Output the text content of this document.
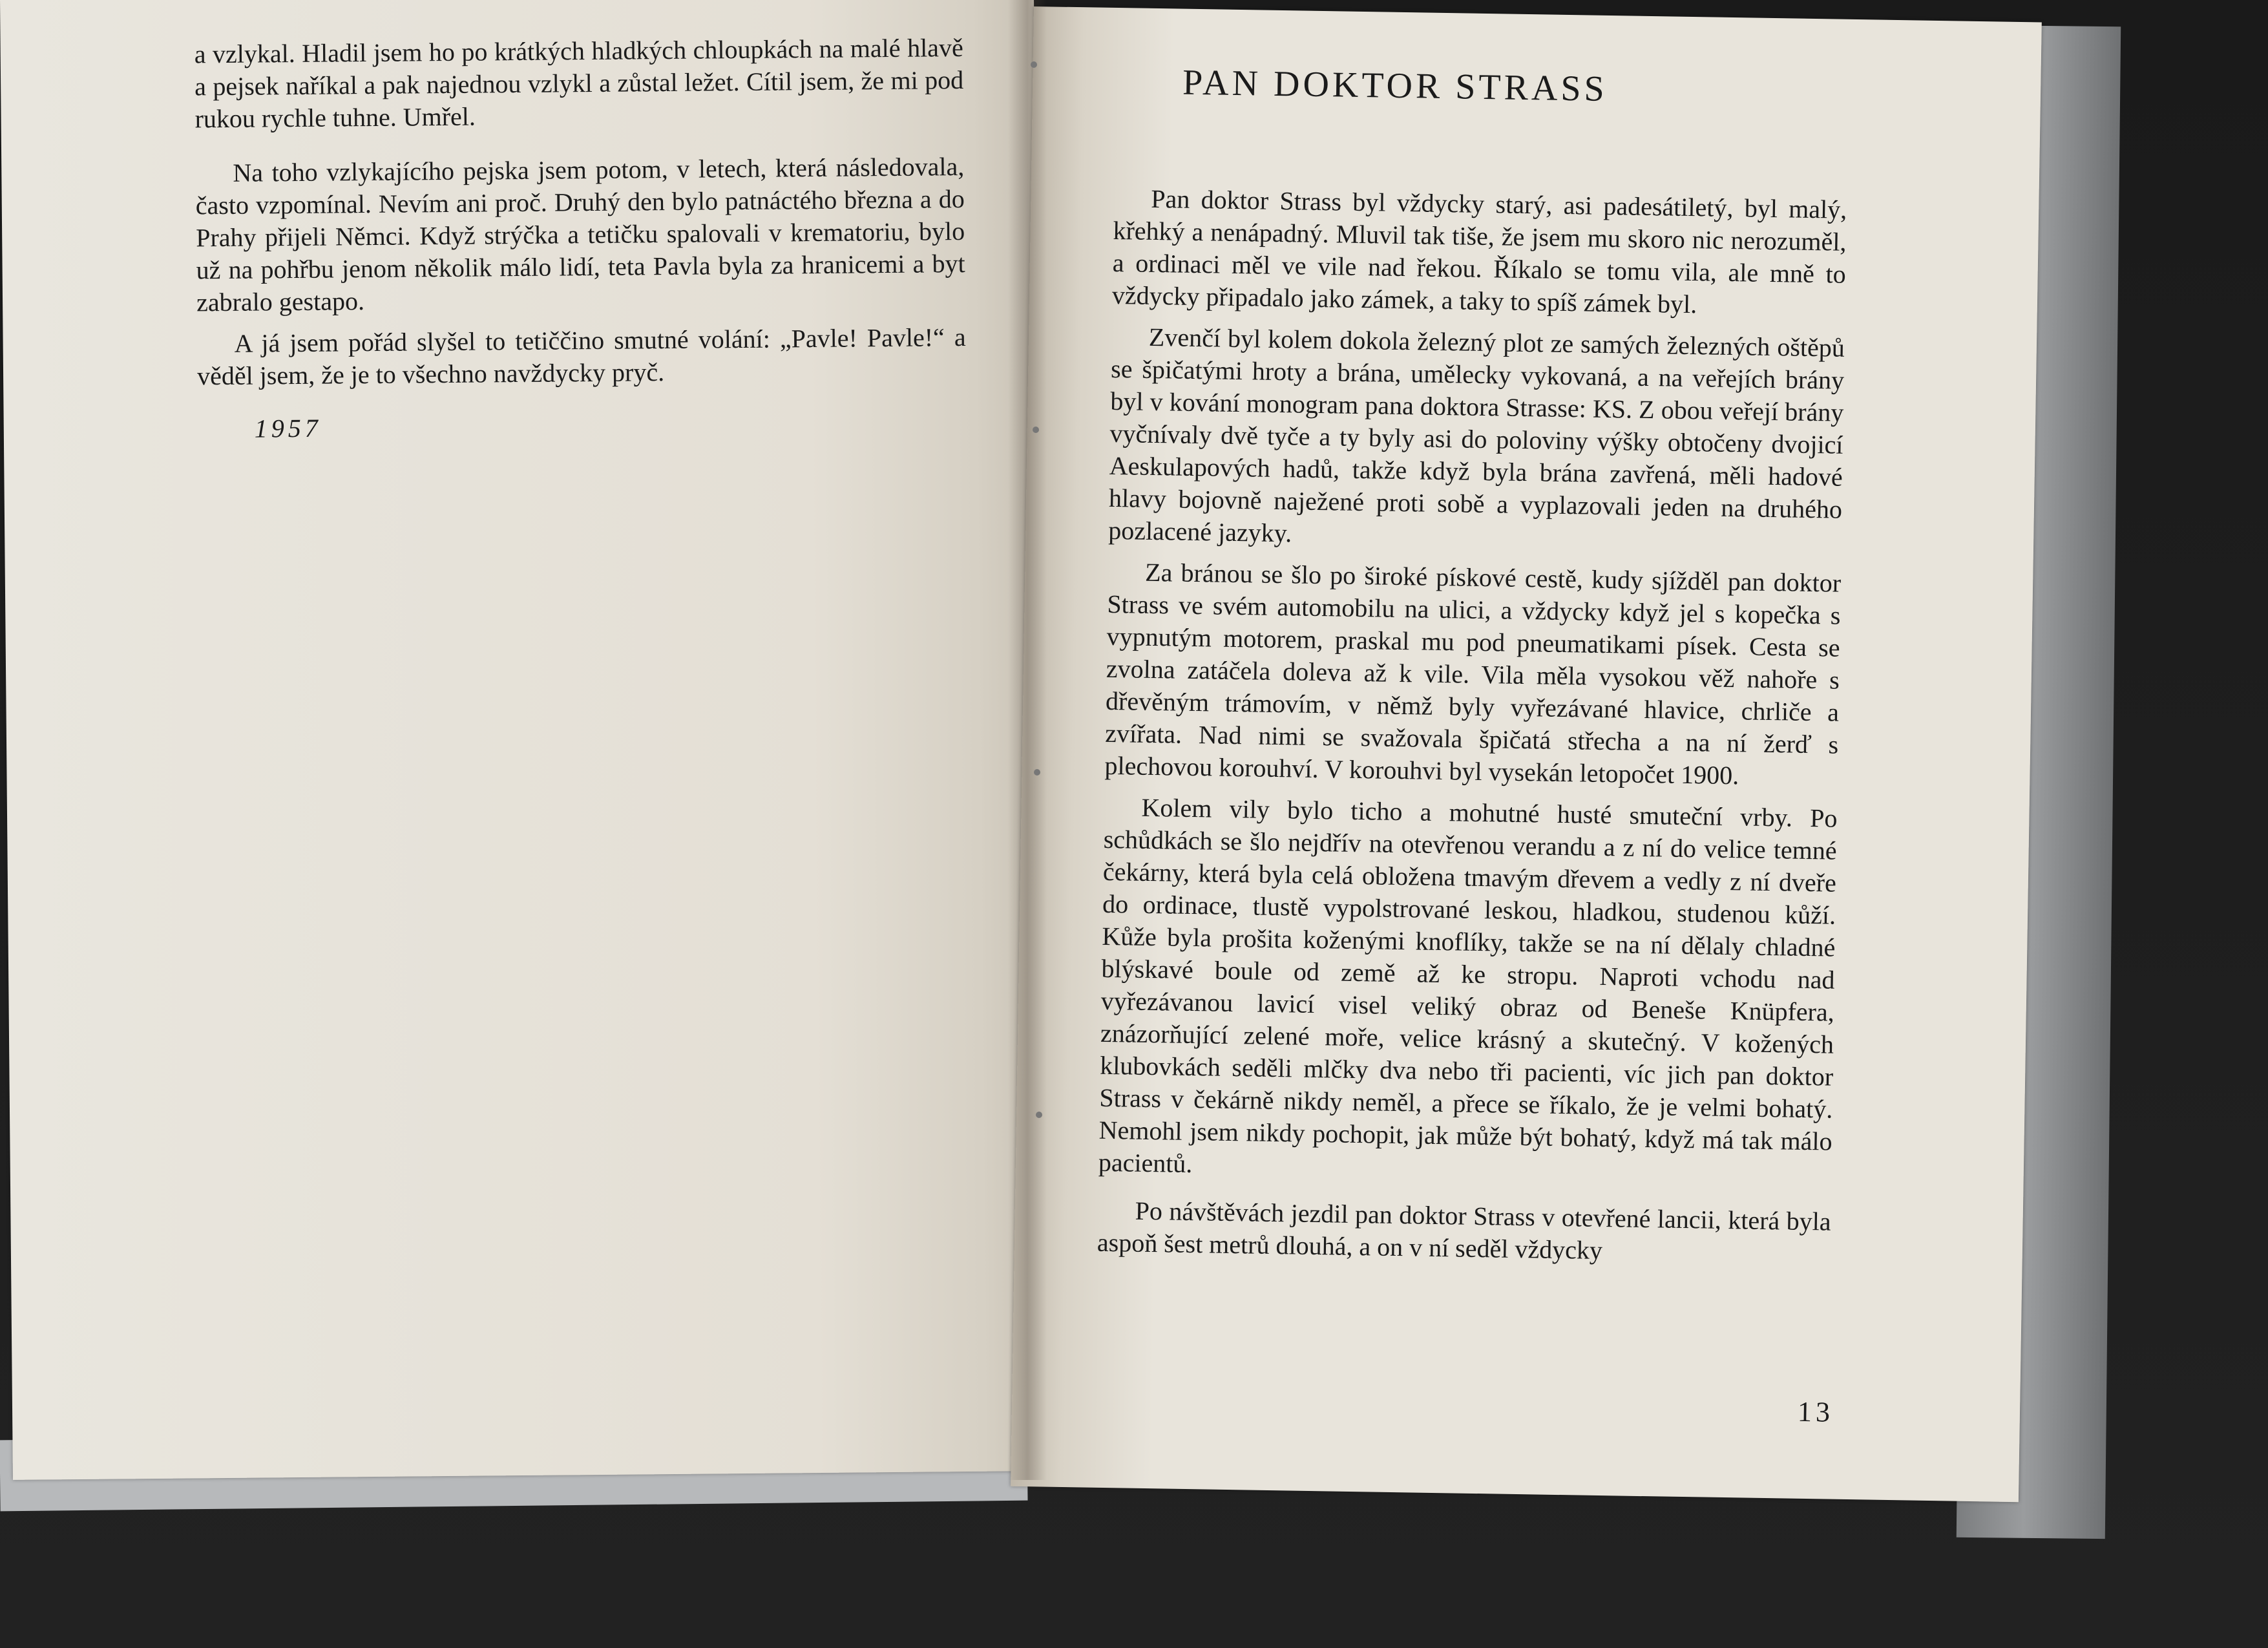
a vzlykal. Hladil jsem ho po krátkých hladkých chloupkách na malé hlavě a pejsek naříkal a pak najednou vzlykl a zůstal ležet. Cítil jsem, že mi pod rukou rychle tuhne. Umřel.

Na toho vzlykajícího pejska jsem potom, v letech, která následovala, často vzpomínal. Nevím ani proč. Druhý den bylo patnáctého března a do Prahy přijeli Němci. Když strýčka a tetičku spalovali v krematoriu, bylo už na pohřbu jenom několik málo lidí, teta Pavla byla za hranicemi a byt zabralo gestapo.

A já jsem pořád slyšel to tetiččino smutné volání: „Pavle! Pavle!“ a věděl jsem, že je to všechno navždycky pryč.

1957

PAN DOKTOR STRASS

Pan doktor Strass byl vždycky starý, asi padesátiletý, byl malý, křehký a nenápadný. Mluvil tak tiše, že jsem mu skoro nic nerozuměl, a ordinaci měl ve vile nad řekou. Říkalo se tomu vila, ale mně to vždycky připadalo jako zámek, a taky to spíš zámek byl.

Zvenčí byl kolem dokola železný plot ze samých železných oštěpů se špičatými hroty a brána, umělecky vykovaná, a na veřejích brány byl v kování monogram pana doktora Strasse: KS. Z obou veřejí brány vyčnívaly dvě tyče a ty byly asi do poloviny výšky obtočeny dvojicí Aeskulapových hadů, takže když byla brána zavřená, měli hadové hlavy bojovně naježené proti sobě a vyplazovali jeden na druhého pozlacené jazyky.

Za bránou se šlo po široké pískové cestě, kudy sjížděl pan doktor Strass ve svém automobilu na ulici, a vždycky když jel s kopečka s vypnutým motorem, praskal mu pod pneumatikami písek. Cesta se zvolna zatáčela doleva až k vile. Vila měla vysokou věž nahoře s dřevěným trámovím, v němž byly vyřezávané hlavice, chrliče a zvířata. Nad nimi se svažovala špičatá střecha a na ní žerď s plechovou korouhví. V korouhvi byl vysekán letopočet 1900.

Kolem vily bylo ticho a mohutné husté smuteční vrby. Po schůdkách se šlo nejdřív na otevřenou verandu a z ní do velice temné čekárny, která byla celá obložena tmavým dřevem a vedly z ní dveře do ordinace, tlustě vypolstrované leskou, hladkou, studenou kůží. Kůže byla prošita koženými knoflíky, takže se na ní dělaly chladné blýskavé boule od země až ke stropu. Naproti vchodu nad vyřezávanou lavicí visel veliký obraz od Beneše Knüpfera, znázorňující zelené moře, velice krásný a skutečný. V kožených klubovkách seděli mlčky dva nebo tři pacienti, víc jich pan doktor Strass v čekárně nikdy neměl, a přece se říkalo, že je velmi bohatý. Nemohl jsem nikdy pochopit, jak může být bohatý, když má tak málo pacientů.

Po návštěvách jezdil pan doktor Strass v otevřené lancii, která byla aspoň šest metrů dlouhá, a on v ní seděl vždycky

13
